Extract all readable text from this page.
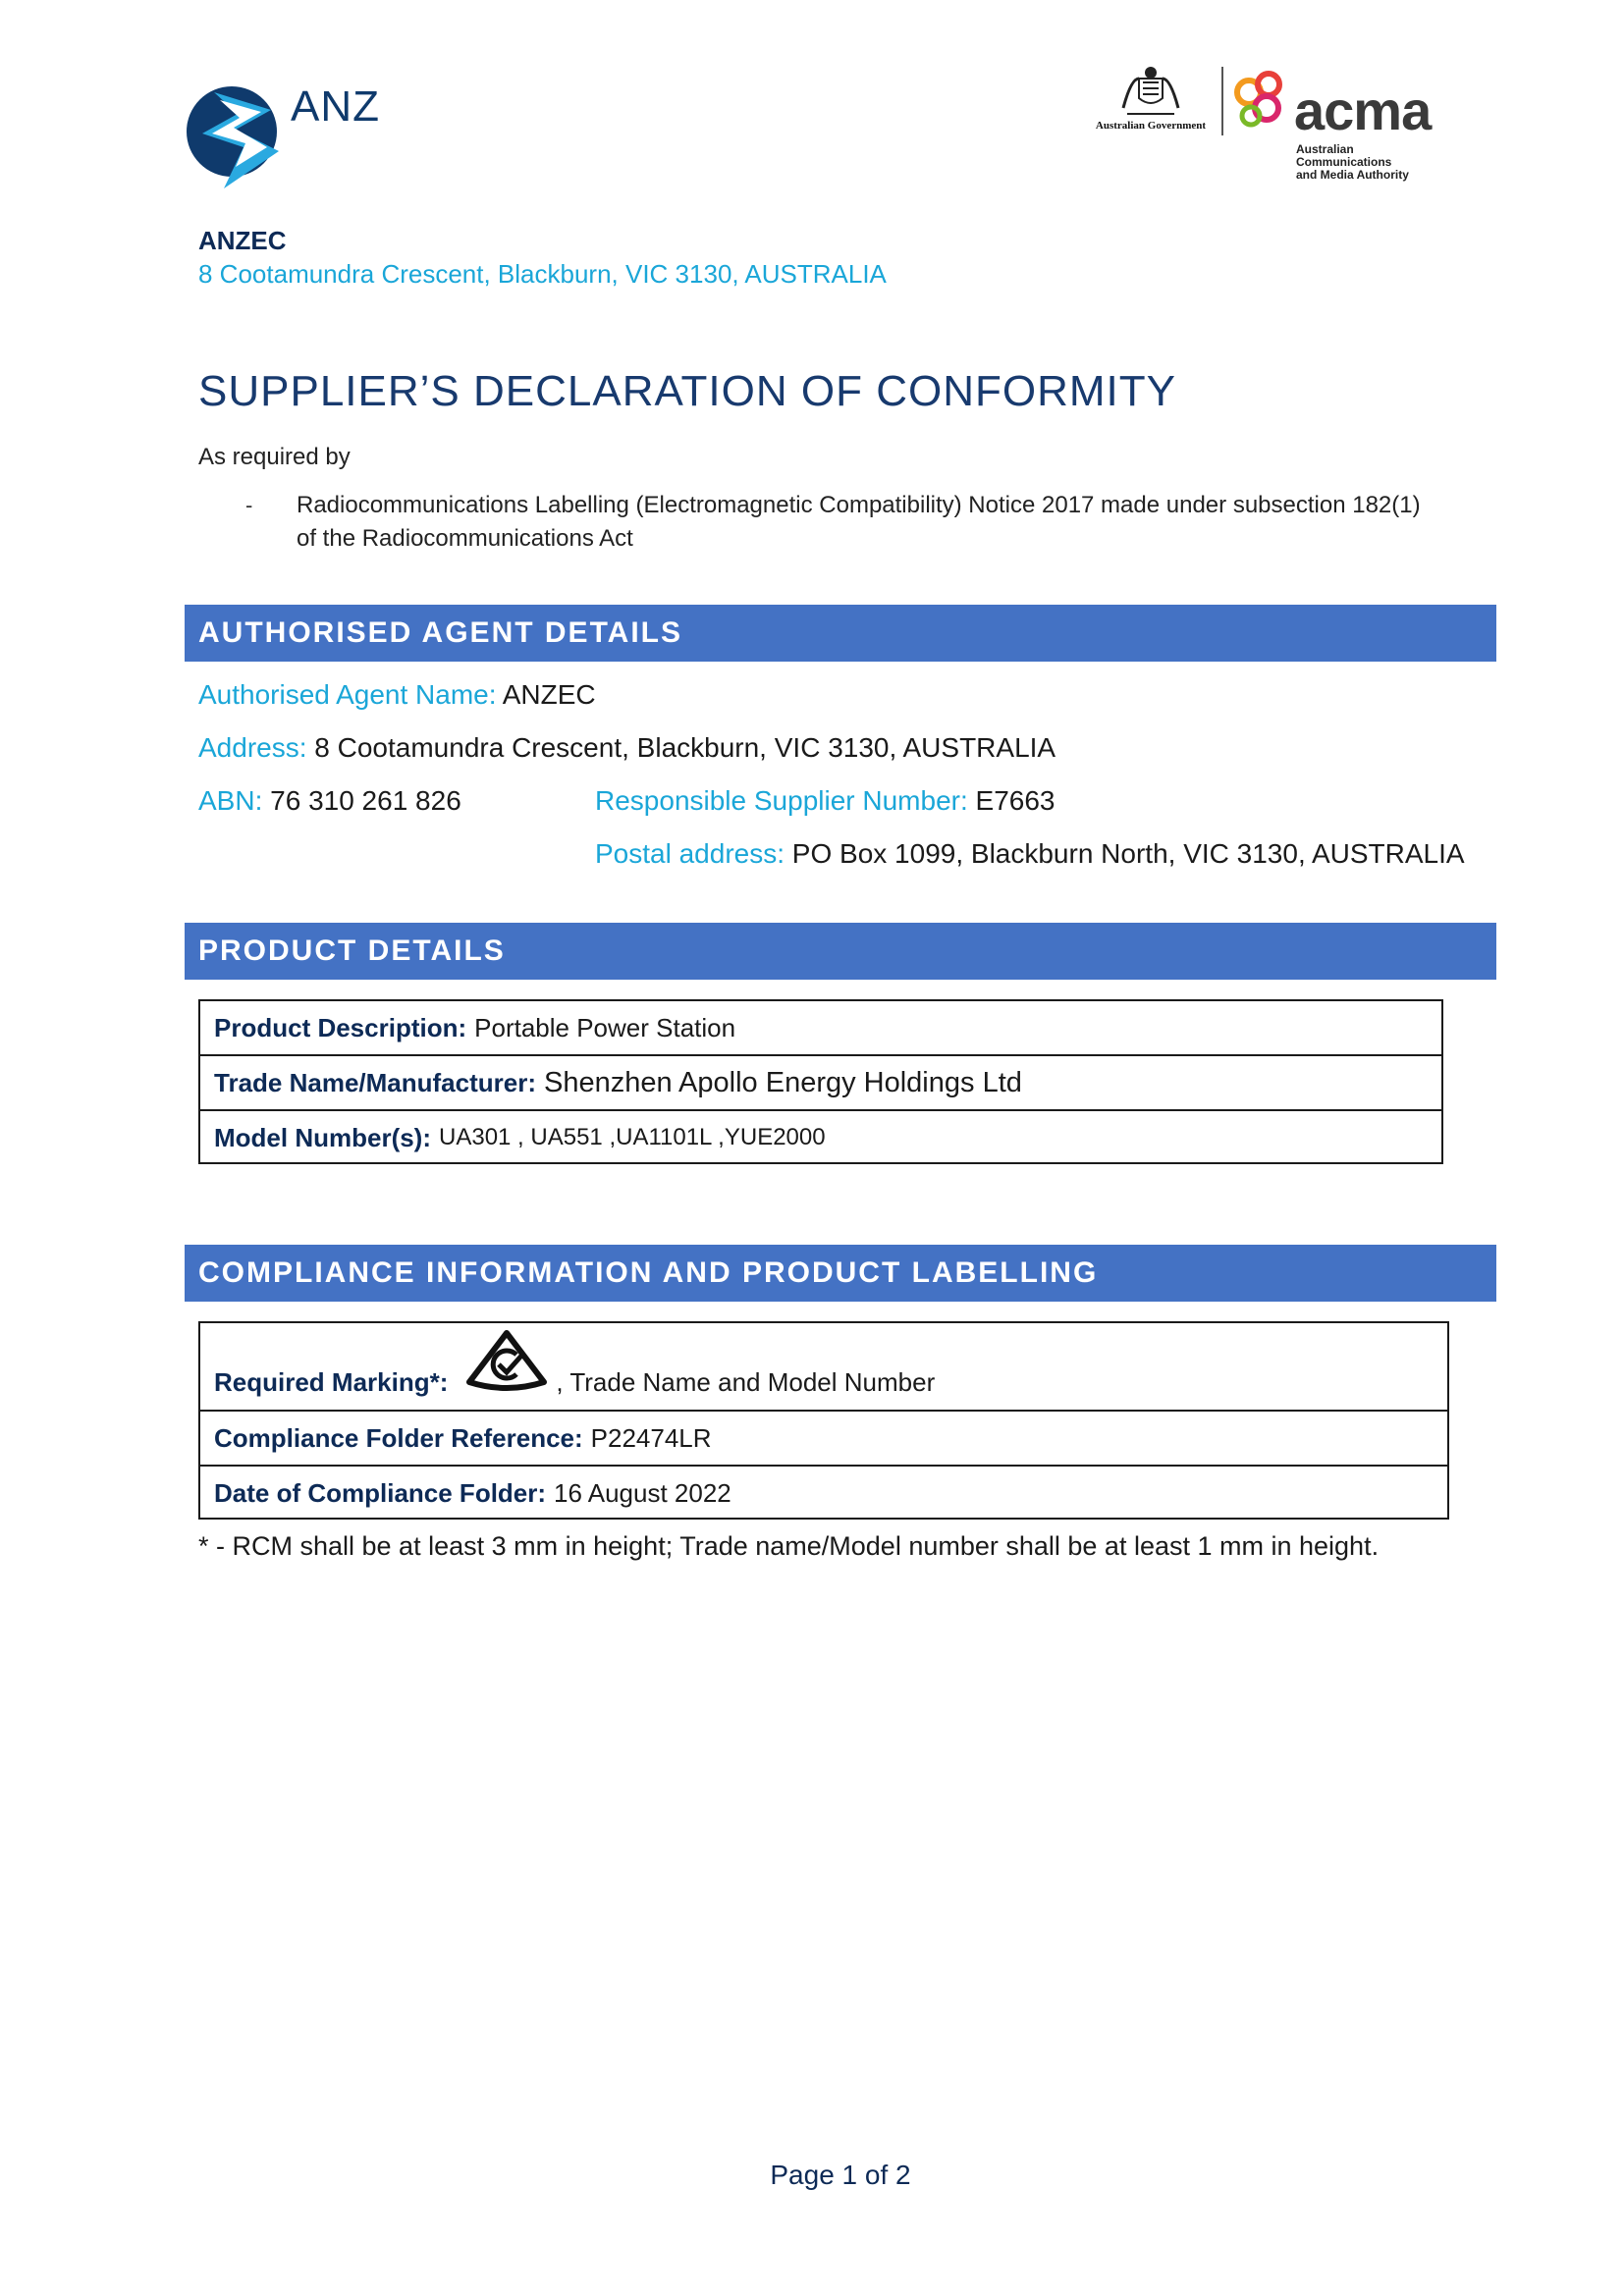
ANZ	Australian Government acma
Australian
Communications
and Media Authority
ANZEC
8 Cootamundra Crescent, Blackburn, VIC 3130, AUSTRALIA
SUPPLIER’S DECLARATION OF CONFORMITY
As required by
- Radiocommunications Labelling (Electromagnetic Compatibility) Notice 2017 made under subsection 182(1)
of the Radiocommunications Act
AUTHORISED AGENT DETAILS
Authorised Agent Name: ANZEC
Address: 8 Cootamundra Crescent, Blackburn, VIC 3130, AUSTRALIA
ABN: 76 310 261 826	Responsible Supplier Number: E7663
Postal address: PO Box 1099, Blackburn North, VIC 3130, AUSTRALIA
PRODUCT DETAILS
Product Description: Portable Power Station
Trade Name/Manufacturer: Shenzhen Apollo Energy Holdings Ltd
Model Number(s): UA301 , UA551 ,UA1101L ,YUE2000
COMPLIANCE INFORMATION AND PRODUCT LABELLING
Required Marking*:	, Trade Name and Model Number
Compliance Folder Reference: P22474LR
Date of Compliance Folder: 16 August 2022
* - RCM shall be at least 3 mm in height; Trade name/Model number shall be at least 1 mm in height.
Page 1 of 2
